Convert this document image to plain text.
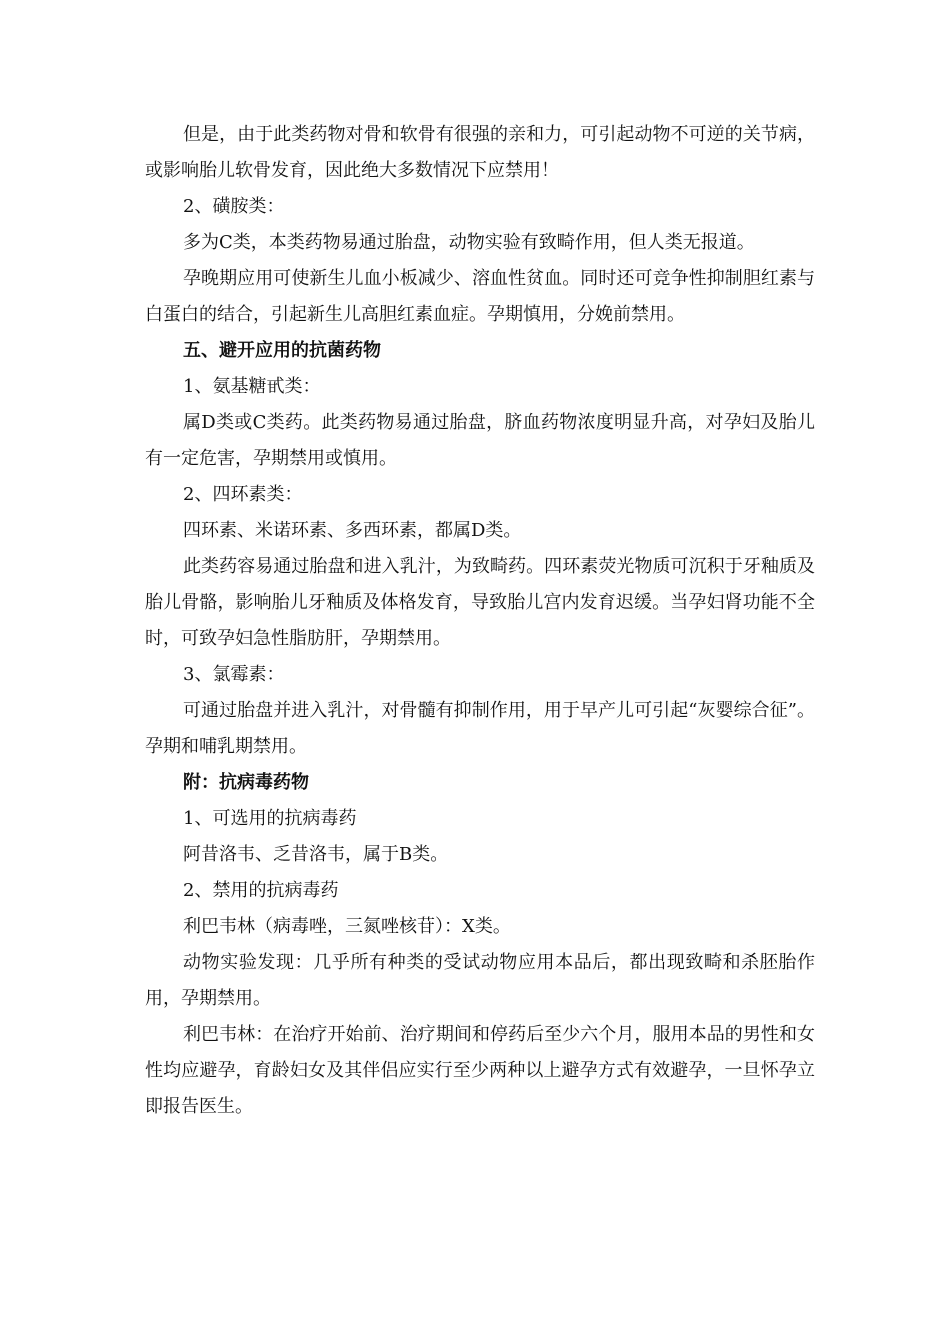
但是，由于此类药物对骨和软骨有很强的亲和力，可引起动物不可逆的关节病，或影响胎儿软骨发育，因此绝大多数情况下应禁用！

2、磺胺类：

多为C类，本类药物易通过胎盘，动物实验有致畸作用，但人类无报道。

孕晚期应用可使新生儿血小板减少、溶血性贫血。同时还可竞争性抑制胆红素与白蛋白的结合，引起新生儿高胆红素血症。孕期慎用，分娩前禁用。

五、避开应用的抗菌药物

1、氨基糖甙类：

属D类或C类药。此类药物易通过胎盘，脐血药物浓度明显升高，对孕妇及胎儿有一定危害，孕期禁用或慎用。

2、四环素类：

四环素、米诺环素、多西环素，都属D类。

此类药容易通过胎盘和进入乳汁，为致畸药。四环素荧光物质可沉积于牙釉质及胎儿骨骼，影响胎儿牙釉质及体格发育，导致胎儿宫内发育迟缓。当孕妇肾功能不全时，可致孕妇急性脂肪肝，孕期禁用。

3、氯霉素：

可通过胎盘并进入乳汁，对骨髓有抑制作用，用于早产儿可引起“灰婴综合征”。孕期和哺乳期禁用。

附：抗病毒药物

1、可选用的抗病毒药

阿昔洛韦、乏昔洛韦，属于B类。

2、禁用的抗病毒药

利巴韦林（病毒唑，三氮唑核苷）：X类。

动物实验发现：几乎所有种类的受试动物应用本品后，都出现致畸和杀胚胎作用，孕期禁用。

利巴韦林：在治疗开始前、治疗期间和停药后至少六个月，服用本品的男性和女性均应避孕，育龄妇女及其伴侣应实行至少两种以上避孕方式有效避孕，一旦怀孕立即报告医生。
